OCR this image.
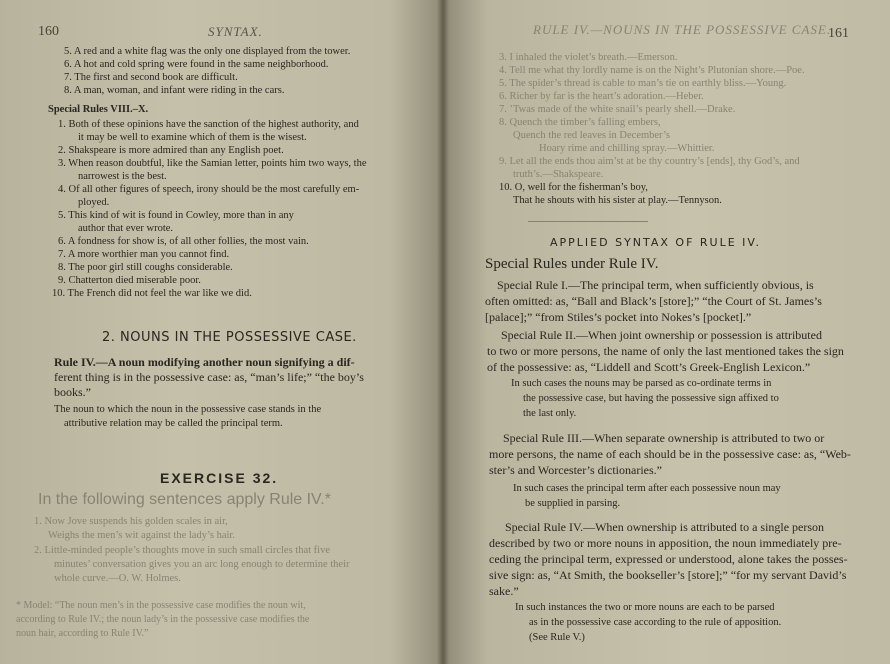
160	SYNTAX.
5. A red and a white flag was the only one displayed from the tower.
6. A hot and cold spring were found in the same neighborhood.
7. The first and second book are difficult.
8. A man, woman, and infant were riding in the cars.
Special Rules VIII.–X.
1. Both of these opinions have the sanction of the highest authority, and
it may be well to examine which of them is the wisest.
2. Shakspeare is more admired than any English poet.
3. When reason doubtful, like the Samian letter, points him two ways, the
narrowest is the best.
4. Of all other figures of speech, irony should be the most carefully em-
ployed.
5. This kind of wit is found in Cowley, more than in any
author that ever wrote.
6. A fondness for show is, of all other follies, the most vain.
7. A more worthier man you cannot find.
8. The poor girl still coughs considerable.
9. Chatterton died miserable poor.
10. The French did not feel the war like we did.
2. NOUNS IN THE POSSESSIVE CASE.
Rule IV.—A noun modifying another noun signifying a dif-
ferent thing is in the possessive case: as, “man’s life;” “the boy’s
books.”
The noun to which the noun in the possessive case stands in the
attributive relation may be called the principal term.
EXERCISE 32.
In the following sentences apply Rule IV.*
1. Now Jove suspends his golden scales in air,
Weighs the men’s wit against the lady’s hair.
2. Little-minded people’s thoughts move in such small circles that five
minutes’ conversation gives you an arc long enough to determine their
whole curve.—O. W. Holmes.
* Model: “The noun men’s in the possessive case modifies the noun wit,
according to Rule IV.; the noun lady’s in the possessive case modifies the
noun hair, according to Rule IV.”
RULE IV.—NOUNS IN THE POSSESSIVE CASE.
161
3. I inhaled the violet’s breath.—Emerson.
4. Tell me what thy lordly name is on the Night’s Plutonian shore.—Poe.
5. The spider’s thread is cable to man’s tie on earthly bliss.—Young.
6. Richer by far is the heart’s adoration.—Heber.
7. ’Twas made of the white snail’s pearly shell.—Drake.
8. Quench the timber’s falling embers,
Quench the red leaves in December’s
Hoary rime and chilling spray.—Whittier.
9. Let all the ends thou aim’st at be thy country’s [ends], thy God’s, and
truth’s.—Shakspeare.
10. O, well for the fisherman’s boy,
That he shouts with his sister at play.—Tennyson.
APPLIED SYNTAX OF RULE IV.
Special Rules under Rule IV.
Special Rule I.—The principal term, when sufficiently obvious, is
often omitted: as, “Ball and Black’s [store];” “the Court of St. James’s
[palace];” “from Stiles’s pocket into Nokes’s [pocket].”
Special Rule II.—When joint ownership or possession is attributed
to two or more persons, the name of only the last mentioned takes the sign
of the possessive: as, “Liddell and Scott’s Greek-English Lexicon.”
In such cases the nouns may be parsed as co-ordinate terms in
the possessive case, but having the possessive sign affixed to
the last only.
Special Rule III.—When separate ownership is attributed to two or
more persons, the name of each should be in the possessive case: as, “Web-
ster’s and Worcester’s dictionaries.”
In such cases the principal term after each possessive noun may
be supplied in parsing.
Special Rule IV.—When ownership is attributed to a single person
described by two or more nouns in apposition, the noun immediately pre-
ceding the principal term, expressed or understood, alone takes the posses-
sive sign: as, “At Smith, the bookseller’s [store];” “for my servant David’s
sake.”
In such instances the two or more nouns are each to be parsed
as in the possessive case according to the rule of apposition.
(See Rule V.)
